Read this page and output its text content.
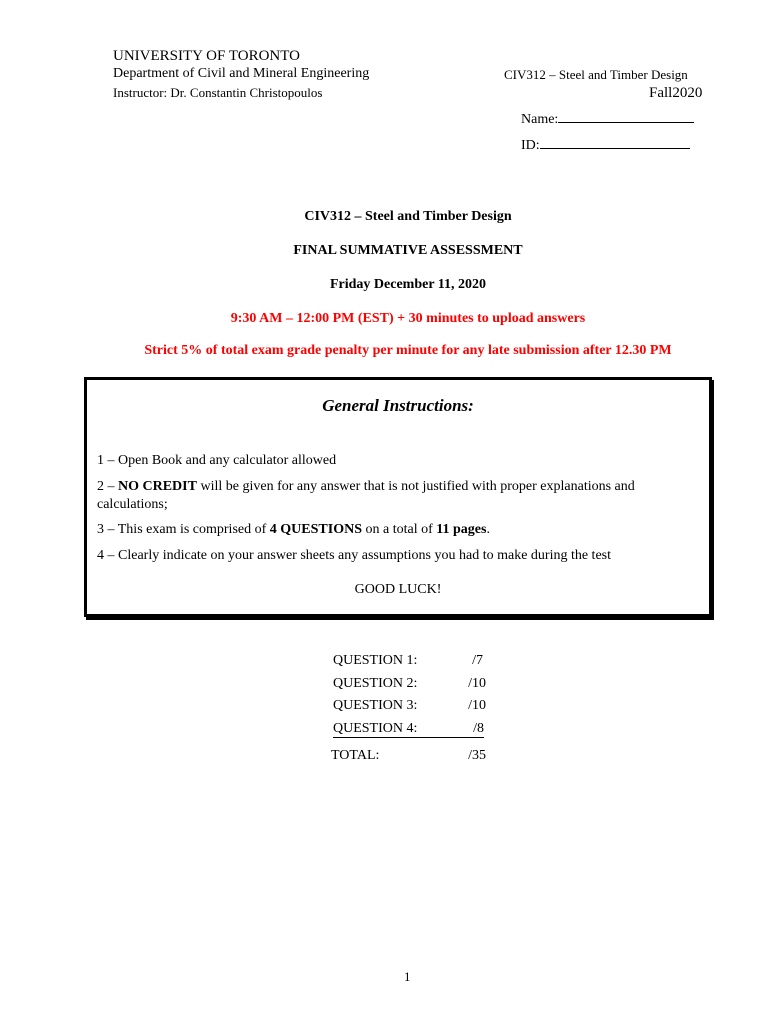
UNIVERSITY OF TORONTO
Department of Civil and Mineral Engineering
Instructor: Dr. Constantin Christopoulos
CIV312 – Steel and Timber Design
Fall2020
Name:
ID:
CIV312 – Steel and Timber Design
FINAL SUMMATIVE ASSESSMENT
Friday December 11, 2020
9:30 AM – 12:00 PM (EST) + 30 minutes to upload answers
Strict 5% of total exam grade penalty per minute for any late submission after 12.30 PM
General Instructions:
1 – Open Book and any calculator allowed
2 – NO CREDIT will be given for any answer that is not justified with proper explanations and calculations;
3 – This exam is comprised of 4 QUESTIONS on a total of 11 pages.
4 – Clearly indicate on your answer sheets any assumptions you had to make during the test
GOOD LUCK!
QUESTION 1:	/7
QUESTION 2:	/10
QUESTION 3:	/10
QUESTION 4:	/8
TOTAL:	/35
1
